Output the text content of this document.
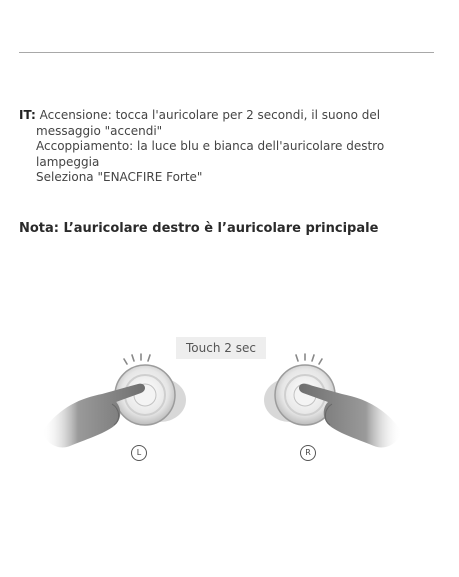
IT: Accensione: tocca l'auricolare per 2 secondi, il suono del
messaggio "accendi"
Accoppiamento: la luce blu e bianca dell'auricolare destro
lampeggia
Seleziona "ENACFIRE Forte"
Nota: L’auricolare destro è l’auricolare principale
Touch 2 sec
L	R
